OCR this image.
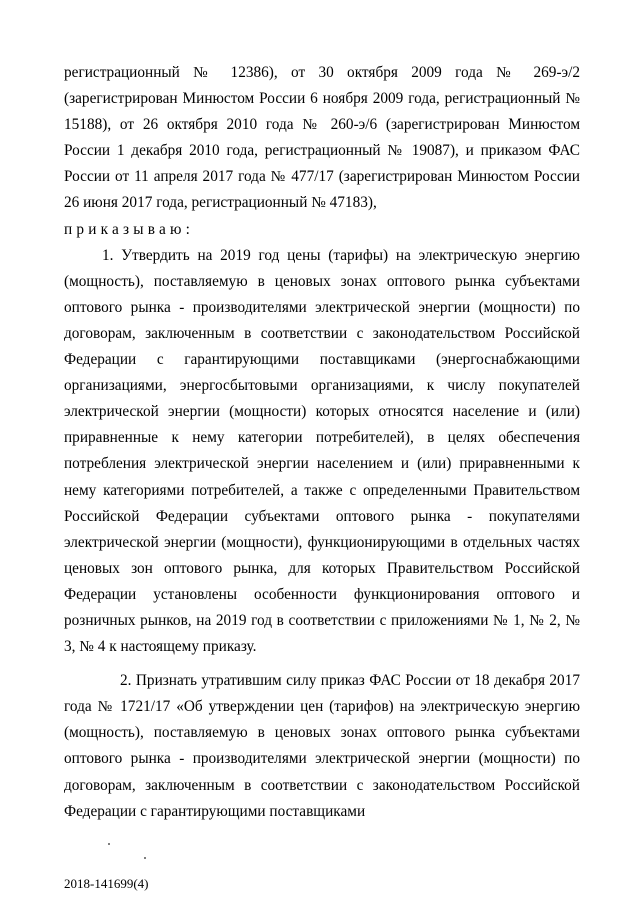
регистрационный № 12386), от 30 октября 2009 года № 269-э/2 (зарегистрирован Минюстом России 6 ноября 2009 года, регистрационный № 15188), от 26 октября 2010 года № 260-э/6 (зарегистрирован Минюстом России 1 декабря 2010 года, регистрационный № 19087), и приказом ФАС России от 11 апреля 2017 года № 477/17 (зарегистрирован Минюстом России 26 июня 2017 года, регистрационный № 47183),

приказываю:

1. Утвердить на 2019 год цены (тарифы) на электрическую энергию (мощность), поставляемую в ценовых зонах оптового рынка субъектами оптового рынка - производителями электрической энергии (мощности) по договорам, заключенным в соответствии с законодательством Российской Федерации с гарантирующими поставщиками (энергоснабжающими организациями, энергосбытовыми организациями, к числу покупателей электрической энергии (мощности) которых относятся население и (или) приравненные к нему категории потребителей), в целях обеспечения потребления электрической энергии населением и (или) приравненными к нему категориями потребителей, а также с определенными Правительством Российской Федерации субъектами оптового рынка - покупателями электрической энергии (мощности), функционирующими в отдельных частях ценовых зон оптового рынка, для которых Правительством Российской Федерации установлены особенности функционирования оптового и розничных рынков, на 2019 год в соответствии с приложениями № 1, № 2, № 3, № 4 к настоящему приказу.

2. Признать утратившим силу приказ ФАС России от 18 декабря 2017 года № 1721/17 «Об утверждении цен (тарифов) на электрическую энергию (мощность), поставляемую в ценовых зонах оптового рынка субъектами оптового рынка - производителями электрической энергии (мощности) по договорам, заключенным в соответствии с законодательством Российской Федерации с гарантирующими поставщиками

2018-141699(4)
